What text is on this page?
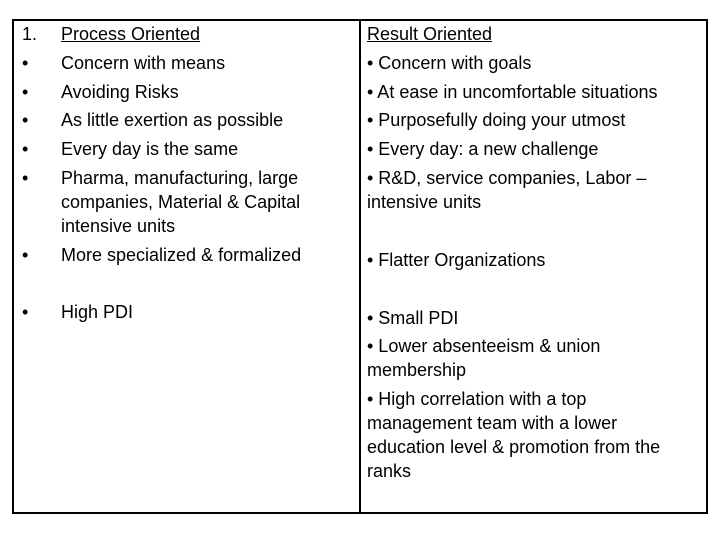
1. Process Oriented
• Concern with means
• Avoiding Risks
• As little exertion as possible
• Every day is the same
• Pharma, manufacturing, large
companies, Material & Capital
intensive units
• More specialized & formalized
• High PDI
Result Oriented
• Concern with goals
• At ease in uncomfortable situations
• Purposefully doing your utmost
• Every day: a new challenge
• R&D, service companies, Labor –
intensive units
• Flatter Organizations
• Small PDI
• Lower absenteeism & union
membership
• High correlation with a top
management team with a lower
education level & promotion from the
ranks
